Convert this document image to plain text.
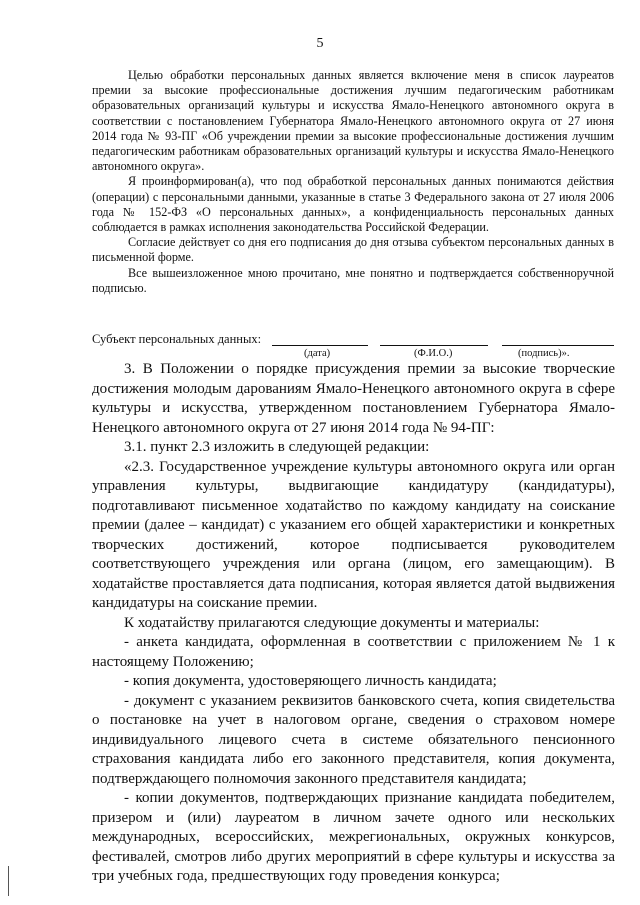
5

Целью обработки персональных данных является включение меня в список лауреатов премии за высокие профессиональные достижения лучшим педагогическим работникам образовательных организаций культуры и искусства Ямало-Ненецкого автономного округа в соответствии с постановлением Губернатора Ямало-Ненецкого автономного округа от 27 июня 2014 года № 93-ПГ «Об учреждении премии за высокие профессиональные достижения лучшим педагогическим работникам образовательных организаций культуры и искусства Ямало-Ненецкого автономного округа».

Я проинформирован(а), что под обработкой персональных данных понимаются действия (операции) с персональными данными, указанные в статье 3 Федерального закона от 27 июля 2006 года № 152-ФЗ «О персональных данных», а конфиденциальность персональных данных соблюдается в рамках исполнения законодательства Российской Федерации.

Согласие действует со дня его подписания до дня отзыва субъектом персональных данных в письменной форме.

Все вышеизложенное мною прочитано, мне понятно и подтверждается собственноручной подписью.

Субъект персональных данных:
(дата)	(Ф.И.О.)	(подпись)».

3. В Положении о порядке присуждения премии за высокие творческие достижения молодым дарованиям Ямало-Ненецкого автономного округа в сфере культуры и искусства, утвержденном постановлением Губернатора Ямало-Ненецкого автономного округа от 27 июня 2014 года № 94-ПГ:

3.1. пункт 2.3 изложить в следующей редакции:

«2.3. Государственное учреждение культуры автономного округа или орган управления культуры, выдвигающие кандидатуру (кандидатуры), подготавливают письменное ходатайство по каждому кандидату на соискание премии (далее – кандидат) с указанием его общей характеристики и конкретных творческих достижений, которое подписывается руководителем соответствующего учреждения или органа (лицом, его замещающим). В ходатайстве проставляется дата подписания, которая является датой выдвижения кандидатуры на соискание премии.

К ходатайству прилагаются следующие документы и материалы:

- анкета кандидата, оформленная в соответствии с приложением № 1 к настоящему Положению;

- копия документа, удостоверяющего личность кандидата;

- документ с указанием реквизитов банковского счета, копия свидетельства о постановке на учет в налоговом органе, сведения о страховом номере индивидуального лицевого счета в системе обязательного пенсионного страхования кандидата либо его законного представителя, копия документа, подтверждающего полномочия законного представителя кандидата;

- копии документов, подтверждающих признание кандидата победителем, призером и (или) лауреатом в личном зачете одного или нескольких международных, всероссийских, межрегиональных, окружных конкурсов, фестивалей, смотров либо других мероприятий в сфере культуры и искусства за три учебных года, предшествующих году проведения конкурса;
